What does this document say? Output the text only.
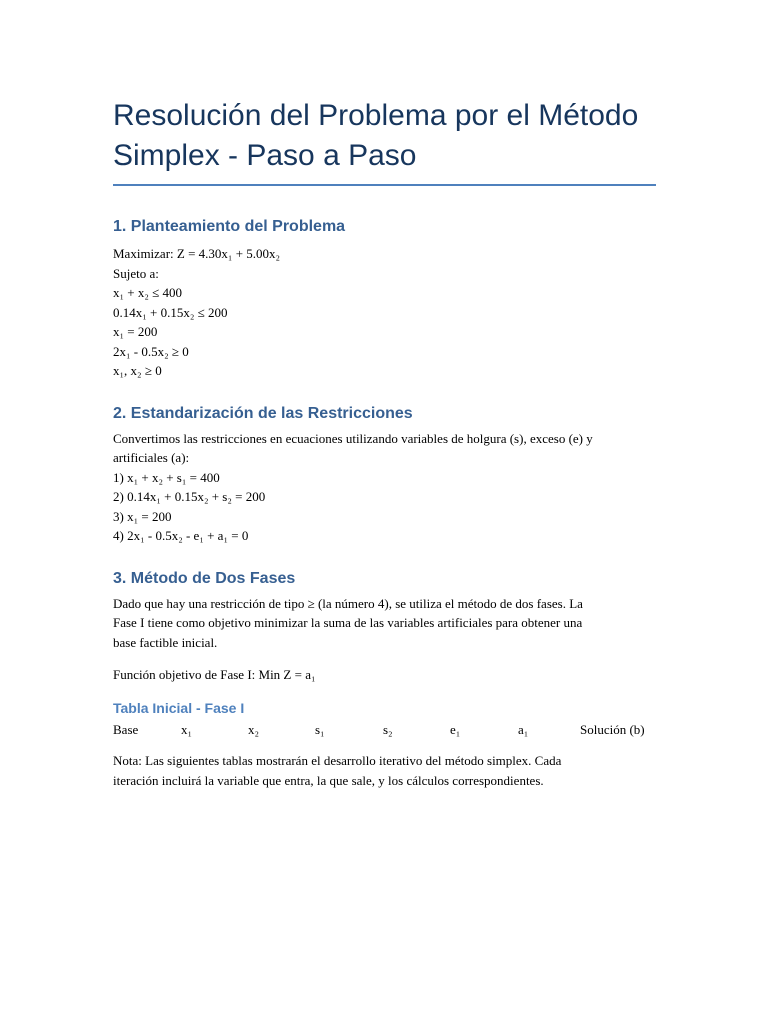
Resolución del Problema por el Método Simplex - Paso a Paso
1. Planteamiento del Problema
Maximizar: Z = 4.30x₁ + 5.00x₂
Sujeto a:
x₁ + x₂ ≤ 400
0.14x₁ + 0.15x₂ ≤ 200
x₁ = 200
2x₁ - 0.5x₂ ≥ 0
x₁, x₂ ≥ 0
2. Estandarización de las Restricciones
Convertimos las restricciones en ecuaciones utilizando variables de holgura (s), exceso (e) y
artificiales (a):
1) x₁ + x₂ + s₁ = 400
2) 0.14x₁ + 0.15x₂ + s₂ = 200
3) x₁ = 200
4) 2x₁ - 0.5x₂ - e₁ + a₁ = 0
3. Método de Dos Fases
Dado que hay una restricción de tipo ≥ (la número 4), se utiliza el método de dos fases. La
Fase I tiene como objetivo minimizar la suma de las variables artificiales para obtener una
base factible inicial.
Función objetivo de Fase I: Min Z = a₁
Tabla Inicial - Fase I
Base	x₁	x₂	s₁	s₂	e₁	a₁	Solución (b)
Nota: Las siguientes tablas mostrarán el desarrollo iterativo del método simplex. Cada
iteración incluirá la variable que entra, la que sale, y los cálculos correspondientes.
